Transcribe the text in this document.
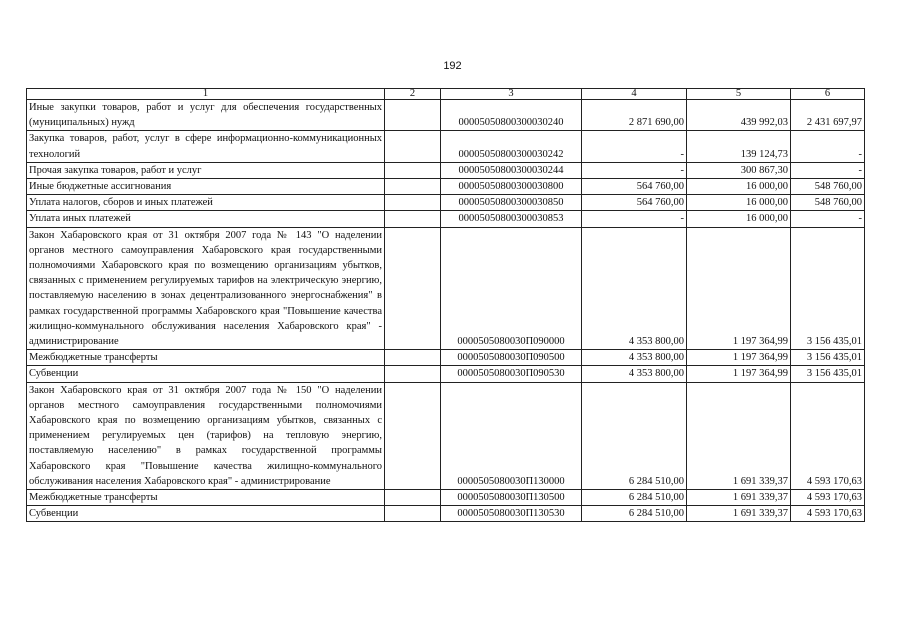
192
1	2	3	4	5	6
Иные закупки товаров, работ и услуг для обеспечения государственных (муниципальных) нужд		00005050800300030240	2 871 690,00	439 992,03	2 431 697,97
Закупка товаров, работ, услуг в сфере информационно-коммуникационных технологий		00005050800300030242	-	139 124,73	-
Прочая закупка товаров, работ и услуг		00005050800300030244	-	300 867,30	-
Иные бюджетные ассигнования		00005050800300030800	564 760,00	16 000,00	548 760,00
Уплата налогов, сборов и иных платежей		00005050800300030850	564 760,00	16 000,00	548 760,00
Уплата иных платежей		00005050800300030853	-	16 000,00	-
Закон Хабаровского края от 31 октября 2007 года № 143 "О наделении органов местного самоуправления Хабаровского края государственными полномочиями Хабаровского края по возмещению организациям убытков, связанных с применением регулируемых тарифов на электрическую энергию, поставляемую населению в зонах децентрализованного энергоснабжения" в рамках государственной программы Хабаровского края "Повышение качества жилищно-коммунального обслуживания населения Хабаровского края" - администрирование		0000505080030П090000	4 353 800,00	1 197 364,99	3 156 435,01
Межбюджетные трансферты		0000505080030П090500	4 353 800,00	1 197 364,99	3 156 435,01
Субвенции		0000505080030П090530	4 353 800,00	1 197 364,99	3 156 435,01
Закон Хабаровского края от 31 октября 2007 года № 150 "О наделении органов местного самоуправления государственными полномочиями Хабаровского края по возмещению организациям убытков, связанных с применением регулируемых цен (тарифов) на тепловую энергию, поставляемую населению" в рамках государственной программы Хабаровского края "Повышение качества жилищно-коммунального обслуживания населения Хабаровского края" - администрирование		0000505080030П130000	6 284 510,00	1 691 339,37	4 593 170,63
Межбюджетные трансферты		0000505080030П130500	6 284 510,00	1 691 339,37	4 593 170,63
Субвенции		0000505080030П130530	6 284 510,00	1 691 339,37	4 593 170,63
